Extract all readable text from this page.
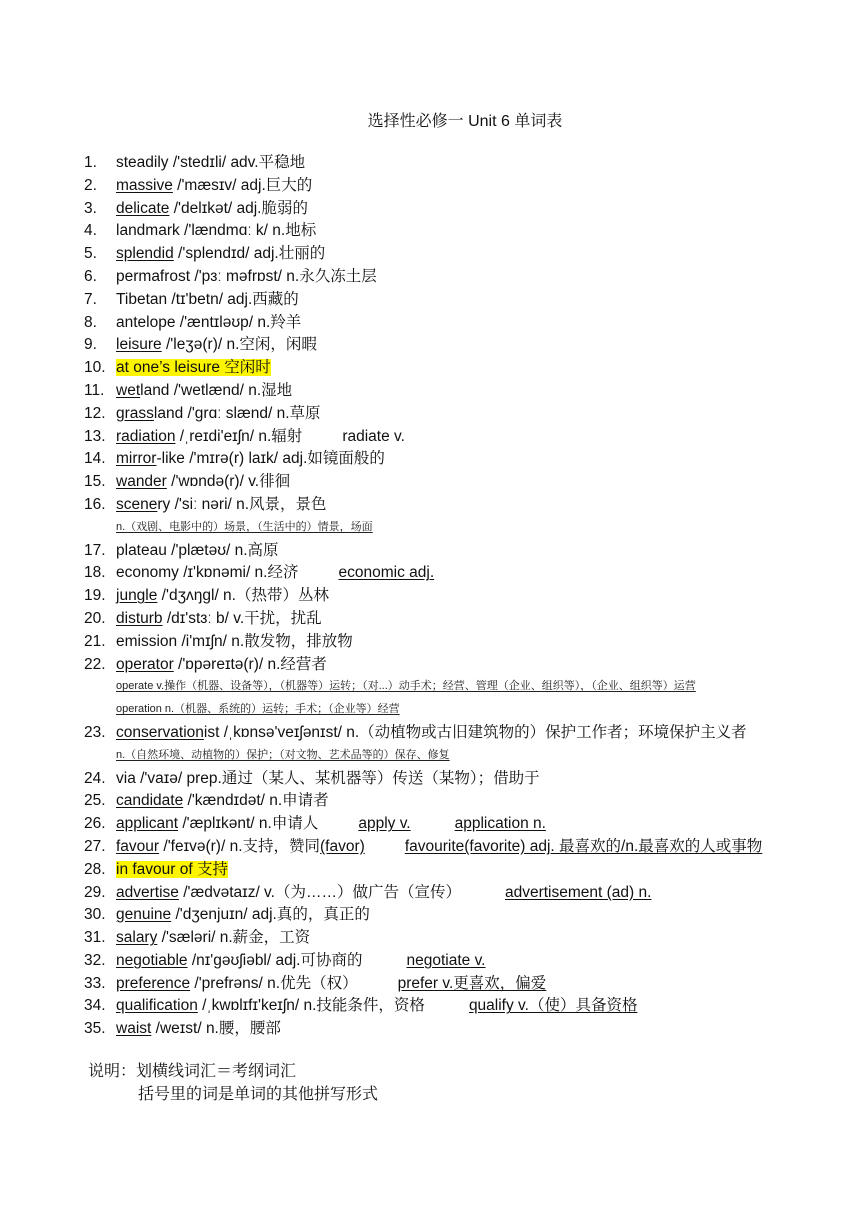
选择性必修一 Unit 6 单词表
1. steadily /'stedɪli/ adv.平稳地
2. massive /'mæsɪv/ adj.巨大的
3. delicate /'delɪkət/ adj.脆弱的
4. landmark /'lændmɑː k/ n.地标
5. splendid /'splendɪd/ adj.壮丽的
6. permafrost /'pɜː məfrɒst/ n.永久冻土层
7. Tibetan /tɪ'betn/ adj.西藏的
8. antelope /'æntɪləʊp/ n.羚羊
9. leisure /'leʒə(r)/ n.空闲，闲暇
10. at one’s leisure 空闲时
11. wetland /'wetlænd/ n.湿地
12. grassland /'ɡrɑː slænd/ n.草原
13. radiation /ˌreɪdi'eɪʃn/ n.辐射	radiate v.
14. mirror-like /'mɪrə(r) laɪk/ adj.如镜面般的
15. wander /'wɒndə(r)/ v.徘徊
16. scenery /'siː nəri/ n.风景，景色
n.（戏剧、电影中的）场景，（生活中的）情景，场面
17. plateau /'plætəʊ/ n.高原
18. economy /ɪ'kɒnəmi/ n.经济	economic adj.
19. jungle /'dʒʌŋɡl/ n.（热带）丛林
20. disturb /dɪ'stɜː b/ v.干扰，扰乱
21. emission /i'mɪʃn/ n.散发物，排放物
22. operator /'ɒpəreɪtə(r)/ n.经营者
operate v.操作（机器、设备等），（机器等）运转；（对...）动手术；经营、管理（企业、组织等），（企业、组织等）运营
operation n.（机器、系统的）运转；手术；（企业等）经营
23. conservationist /ˌkɒnsə'veɪʃənɪst/ n.（动植物或古旧建筑物的）保护工作者；环境保护主义者
n.（自然环境、动植物的）保护；（对文物、艺术品等的）保存、修复
24. via /'vaɪə/ prep.通过（某人、某机器等）传送（某物）；借助于
25. candidate /'kændɪdət/ n.申请者
26. applicant /'æplɪkənt/ n.申请人	apply v.	application n.
27. favour /'feɪvə(r)/ n.支持，赞同(favor)	favourite(favorite) adj. 最喜欢的/n.最喜欢的人或事物
28. in favour of 支持
29. advertise /'ædvətaɪz/ v.（为……）做广告（宣传）	advertisement (ad) n.
30. genuine /'dʒenjuɪn/ adj.真的，真正的
31. salary /'sæləri/ n.薪金，工资
32. negotiable /nɪ'ɡəʊʃiəbl/ adj.可协商的	negotiate v.
33. preference /'prefrəns/ n.优先（权）	prefer v.更喜欢，偏爱
34. qualification /ˌkwɒlɪfɪ'keɪʃn/ n.技能条件，资格	qualify v.（使）具备资格
35. waist /weɪst/ n.腰，腰部
说明：划横线词汇＝考纲词汇
括号里的词是单词的其他拼写形式
